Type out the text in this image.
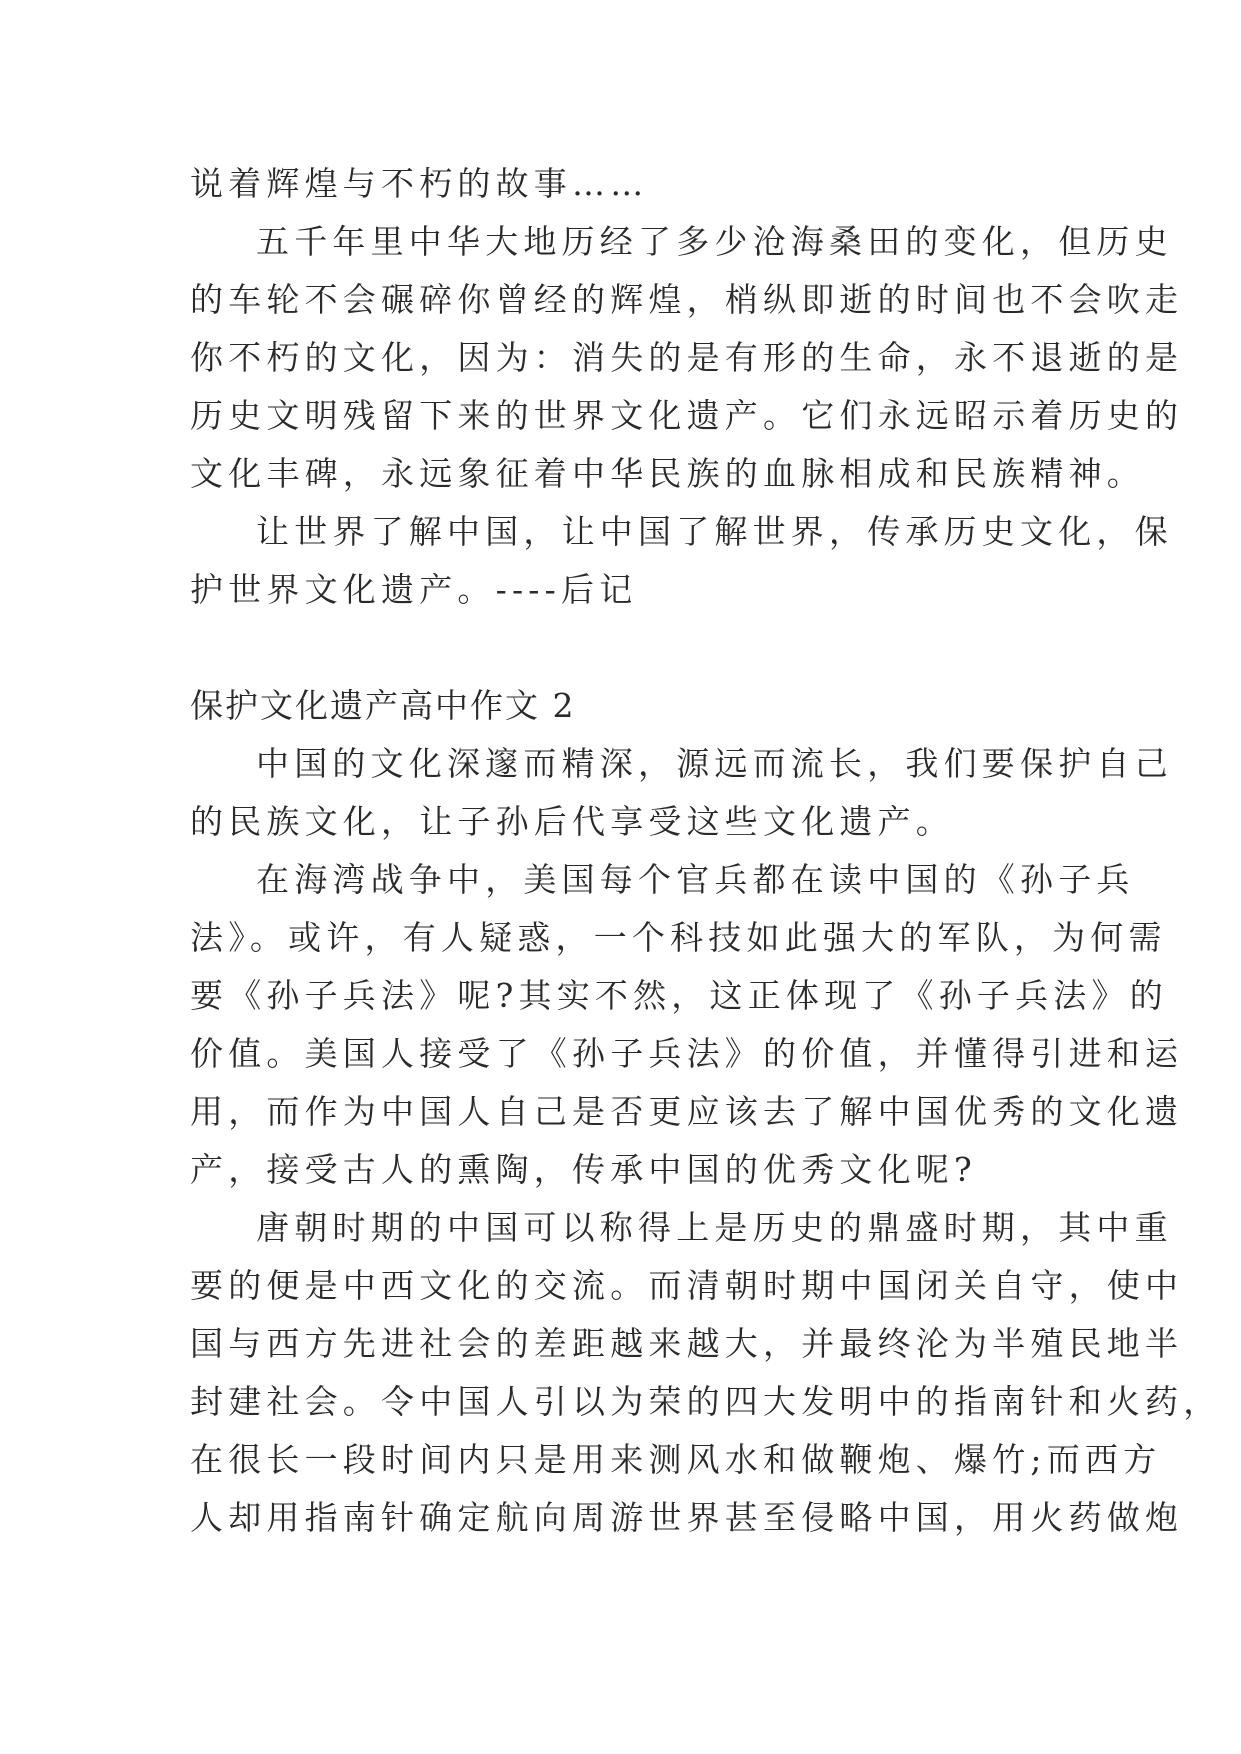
说着辉煌与不朽的故事……
五千年里中华大地历经了多少沧海桑田的变化，但历史
的车轮不会碾碎你曾经的辉煌，梢纵即逝的时间也不会吹走
你不朽的文化，因为：消失的是有形的生命，永不退逝的是
历史文明残留下来的世界文化遗产。它们永远昭示着历史的
文化丰碑，永远象征着中华民族的血脉相成和民族精神。
让世界了解中国，让中国了解世界，传承历史文化，保
护世界文化遗产。----后记
保护文化遗产高中作文 2
中国的文化深邃而精深，源远而流长，我们要保护自己
的民族文化，让子孙后代享受这些文化遗产。
在海湾战争中，美国每个官兵都在读中国的《孙子兵
法》。或许，有人疑惑，一个科技如此强大的军队，为何需
要《孙子兵法》呢?其实不然，这正体现了《孙子兵法》的
价值。美国人接受了《孙子兵法》的价值，并懂得引进和运
用，而作为中国人自己是否更应该去了解中国优秀的文化遗
产，接受古人的熏陶，传承中国的优秀文化呢?
唐朝时期的中国可以称得上是历史的鼎盛时期，其中重
要的便是中西文化的交流。而清朝时期中国闭关自守，使中
国与西方先进社会的差距越来越大，并最终沦为半殖民地半
封建社会。令中国人引以为荣的四大发明中的指南针和火药，
在很长一段时间内只是用来测风水和做鞭炮、爆竹;而西方
人却用指南针确定航向周游世界甚至侵略中国，用火药做炮
